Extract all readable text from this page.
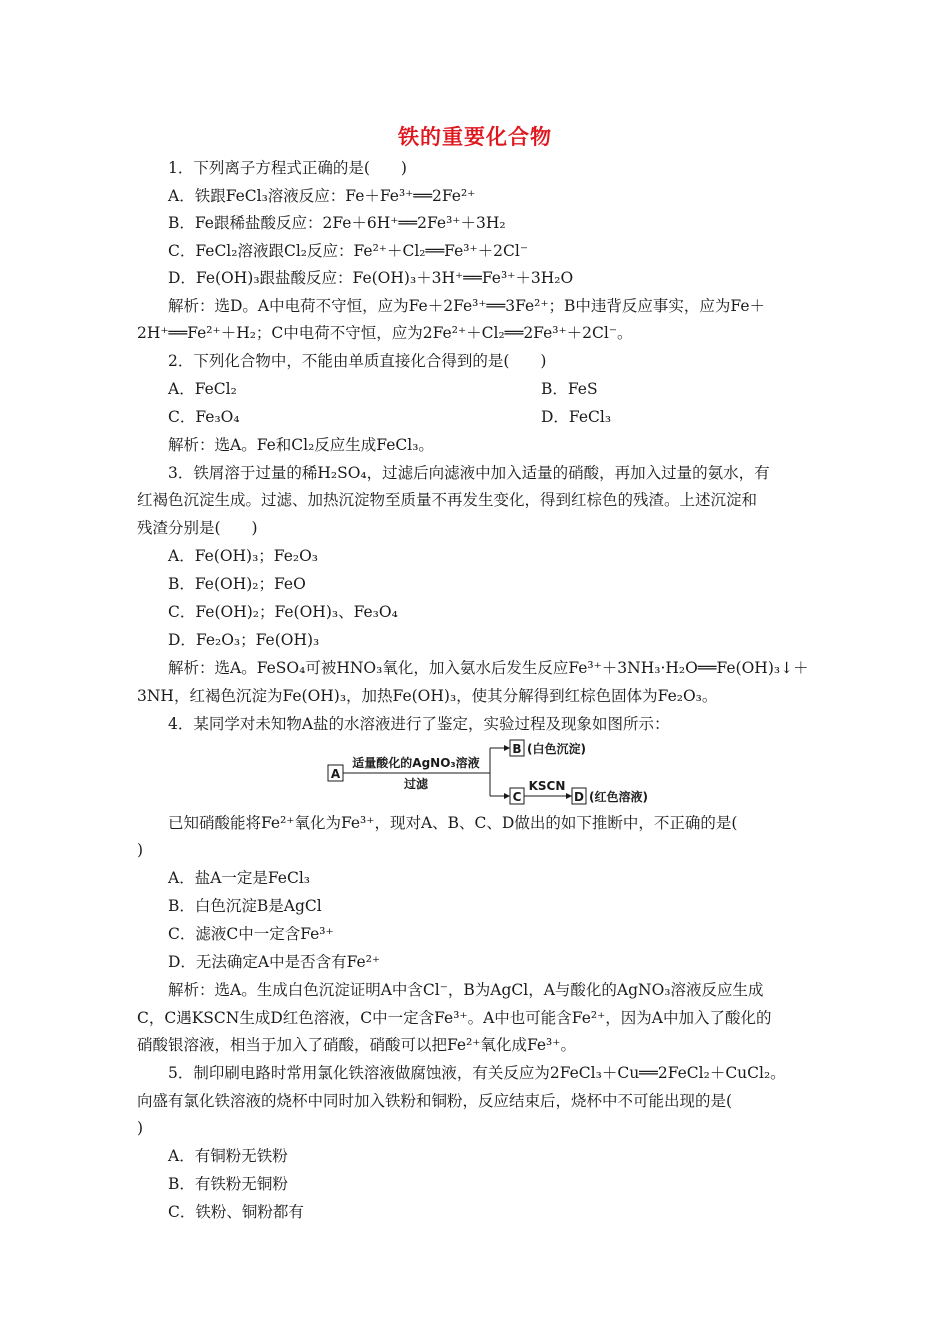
铁的重要化合物
1．下列离子方程式正确的是(　　)
A．铁跟FeCl₃溶液反应：Fe＋Fe³⁺══2Fe²⁺
B．Fe跟稀盐酸反应：2Fe＋6H⁺══2Fe³⁺＋3H₂
C．FeCl₂溶液跟Cl₂反应：Fe²⁺＋Cl₂══Fe³⁺＋2Cl⁻
D．Fe(OH)₃跟盐酸反应：Fe(OH)₃＋3H⁺══Fe³⁺＋3H₂O
解析：选D。A中电荷不守恒，应为Fe＋2Fe³⁺══3Fe²⁺；B中违背反应事实，应为Fe＋
2H⁺══Fe²⁺＋H₂；C中电荷不守恒，应为2Fe²⁺＋Cl₂══2Fe³⁺＋2Cl⁻。
2．下列化合物中，不能由单质直接化合得到的是(　　)
A．FeCl₂	B．FeS
C．Fe₃O₄	D．FeCl₃
解析：选A。Fe和Cl₂反应生成FeCl₃。
3．铁屑溶于过量的稀H₂SO₄，过滤后向滤液中加入适量的硝酸，再加入过量的氨水，有
红褐色沉淀生成。过滤、加热沉淀物至质量不再发生变化，得到红棕色的残渣。上述沉淀和
残渣分别是(　　)
A．Fe(OH)₃；Fe₂O₃
B．Fe(OH)₂；FeO
C．Fe(OH)₂；Fe(OH)₃、Fe₃O₄
D．Fe₂O₃；Fe(OH)₃
解析：选A。FeSO₄可被HNO₃氧化，加入氨水后发生反应Fe³⁺＋3NH₃·H₂O══Fe(OH)₃↓＋
3NH，红褐色沉淀为Fe(OH)₃，加热Fe(OH)₃，使其分解得到红棕色固体为Fe₂O₃。
4．某同学对未知物A盐的水溶液进行了鉴定，实验过程及现象如图所示：
A
适量酸化的AgNO₃溶液
过滤
B (白色沉淀)
C
KSCN
D (红色溶液)
已知硝酸能将Fe²⁺氧化为Fe³⁺，现对A、B、C、D做出的如下推断中，不正确的是(
)
A．盐A一定是FeCl₃
B．白色沉淀B是AgCl
C．滤液C中一定含Fe³⁺
D．无法确定A中是否含有Fe²⁺
解析：选A。生成白色沉淀证明A中含Cl⁻，B为AgCl，A与酸化的AgNO₃溶液反应生成
C，C遇KSCN生成D红色溶液，C中一定含Fe³⁺。A中也可能含Fe²⁺，因为A中加入了酸化的
硝酸银溶液，相当于加入了硝酸，硝酸可以把Fe²⁺氧化成Fe³⁺。
5．制印刷电路时常用氯化铁溶液做腐蚀液，有关反应为2FeCl₃＋Cu══2FeCl₂＋CuCl₂。
向盛有氯化铁溶液的烧杯中同时加入铁粉和铜粉，反应结束后，烧杯中不可能出现的是(
)
A．有铜粉无铁粉
B．有铁粉无铜粉
C．铁粉、铜粉都有
